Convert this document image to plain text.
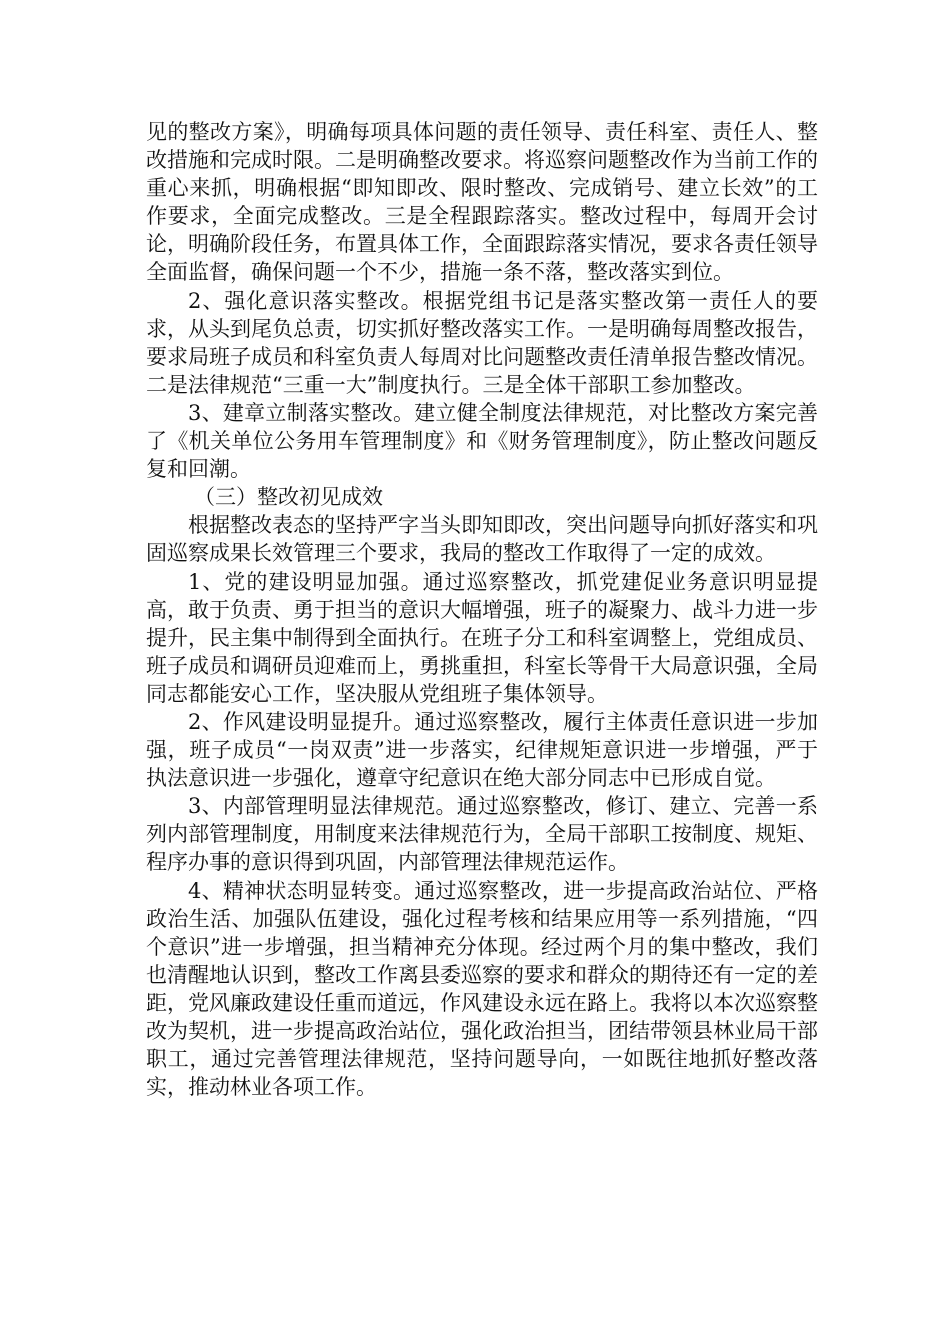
见的整改方案》，明确每项具体问题的责任领导、责任科室、责任人、整改措施和完成时限。二是明确整改要求。将巡察问题整改作为当前工作的重心来抓，明确根据“即知即改、限时整改、完成销号、建立长效”的工作要求，全面完成整改。三是全程跟踪落实。整改过程中，每周开会讨论，明确阶段任务，布置具体工作，全面跟踪落实情况，要求各责任领导全面监督，确保问题一个不少，措施一条不落，整改落实到位。

2、强化意识落实整改。根据党组书记是落实整改第一责任人的要求，从头到尾负总责，切实抓好整改落实工作。一是明确每周整改报告，要求局班子成员和科室负责人每周对比问题整改责任清单报告整改情况。二是法律规范“三重一大”制度执行。三是全体干部职工参加整改。

3、建章立制落实整改。建立健全制度法律规范，对比整改方案完善了《机关单位公务用车管理制度》和《财务管理制度》，防止整改问题反复和回潮。

（三）整改初见成效

根据整改表态的坚持严字当头即知即改，突出问题导向抓好落实和巩固巡察成果长效管理三个要求，我局的整改工作取得了一定的成效。

1、党的建设明显加强。通过巡察整改，抓党建促业务意识明显提高，敢于负责、勇于担当的意识大幅增强，班子的凝聚力、战斗力进一步提升，民主集中制得到全面执行。在班子分工和科室调整上，党组成员、班子成员和调研员迎难而上，勇挑重担，科室长等骨干大局意识强，全局同志都能安心工作，坚决服从党组班子集体领导。

2、作风建设明显提升。通过巡察整改，履行主体责任意识进一步加强，班子成员“一岗双责”进一步落实，纪律规矩意识进一步增强，严于执法意识进一步强化，遵章守纪意识在绝大部分同志中已形成自觉。

3、内部管理明显法律规范。通过巡察整改，修订、建立、完善一系列内部管理制度，用制度来法律规范行为，全局干部职工按制度、规矩、程序办事的意识得到巩固，内部管理法律规范运作。

4、精神状态明显转变。通过巡察整改，进一步提高政治站位、严格政治生活、加强队伍建设，强化过程考核和结果应用等一系列措施，“四个意识”进一步增强，担当精神充分体现。经过两个月的集中整改，我们也清醒地认识到，整改工作离县委巡察的要求和群众的期待还有一定的差距，党风廉政建设任重而道远，作风建设永远在路上。我将以本次巡察整改为契机，进一步提高政治站位，强化政治担当，团结带领县林业局干部职工，通过完善管理法律规范，坚持问题导向，一如既往地抓好整改落实，推动林业各项工作。
